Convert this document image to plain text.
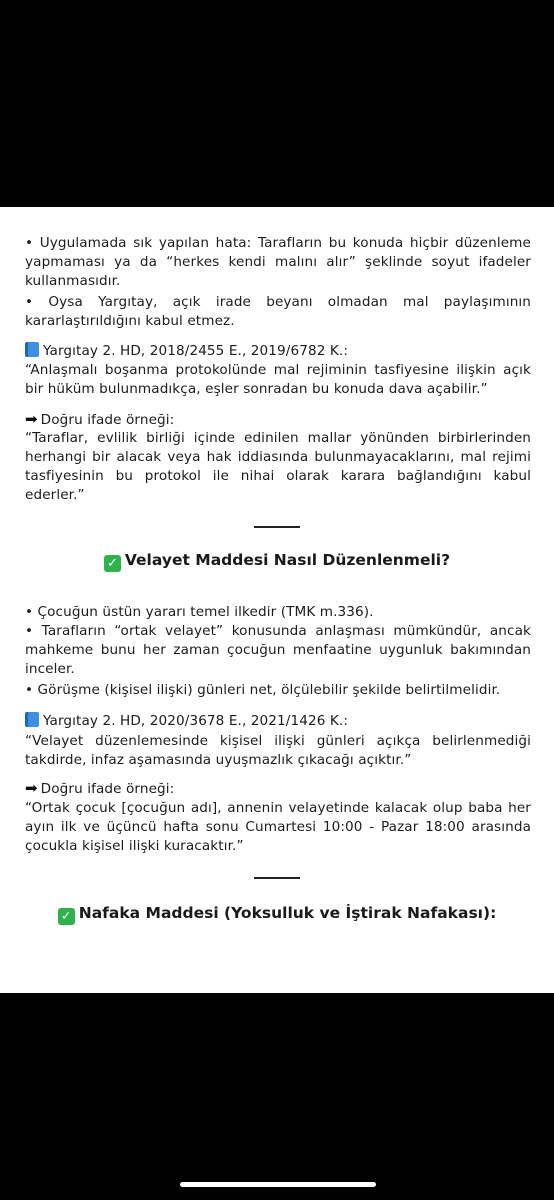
• Uygulamada sık yapılan hata: Tarafların bu konuda hiçbir düzenleme yapmaması ya da “herkes kendi malını alır” şeklinde soyut ifadeler kullanmasıdır.
• Oysa Yargıtay, açık irade beyanı olmadan mal paylaşımının kararlaştırıldığını kabul etmez.
Yargıtay 2. HD, 2018/2455 E., 2019/6782 K.:
“Anlaşmalı boşanma protokolünde mal rejiminin tasfiyesine ilişkin açık bir hüküm bulunmadıkça, eşler sonradan bu konuda dava açabilir.”
➡ Doğru ifade örneği:
“Taraflar, evlilik birliği içinde edinilen mallar yönünden birbirlerinden herhangi bir alacak veya hak iddiasında bulunmayacaklarını, mal rejimi tasfiyesinin bu protokol ile nihai olarak karara bağlandığını kabul ederler.”
✓ Velayet Maddesi Nasıl Düzenlenmeli?
• Çocuğun üstün yararı temel ilkedir (TMK m.336).
• Tarafların “ortak velayet” konusunda anlaşması mümkündür, ancak mahkeme bunu her zaman çocuğun menfaatine uygunluk bakımından inceler.
• Görüşme (kişisel ilişki) günleri net, ölçülebilir şekilde belirtilmelidir.
Yargıtay 2. HD, 2020/3678 E., 2021/1426 K.:
“Velayet düzenlemesinde kişisel ilişki günleri açıkça belirlenmediği takdirde, infaz aşamasında uyuşmazlık çıkacağı açıktır.”
➡ Doğru ifade örneği:
“Ortak çocuk [çocuğun adı], annenin velayetinde kalacak olup baba her ayın ilk ve üçüncü hafta sonu Cumartesi 10:00 - Pazar 18:00 arasında çocukla kişisel ilişki kuracaktır.”
✓ Nafaka Maddesi (Yoksulluk ve İştirak Nafakası):
